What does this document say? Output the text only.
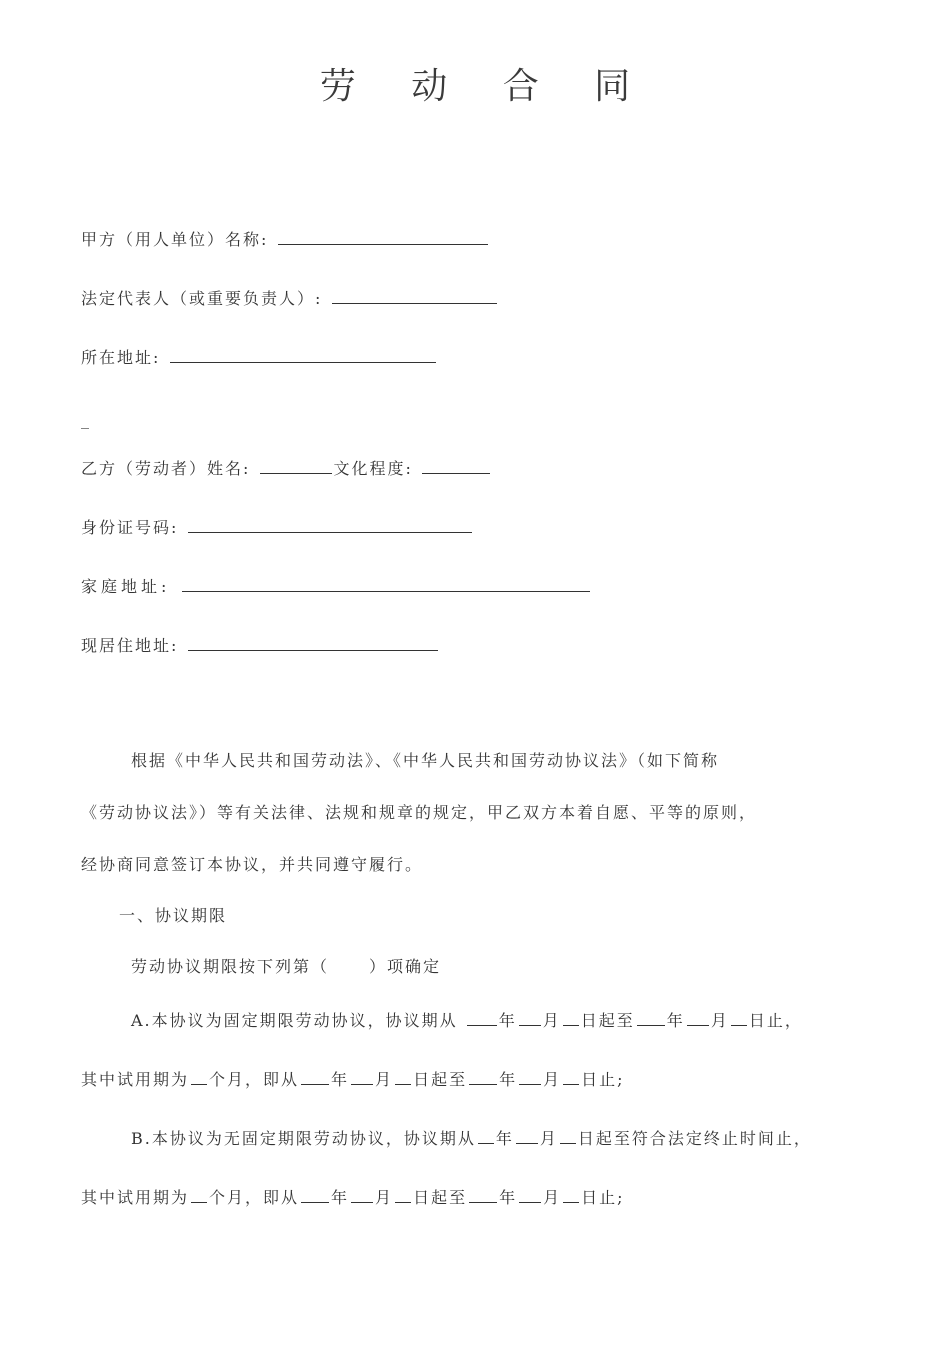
劳 动 合 同
甲方（用人单位）名称:
法定代表人（或重要负责人）:
所在地址:
_
乙方（劳动者）姓名:	文化程度:
身份证号码:
家庭地址:
现居住地址:
根据《中华人民共和国劳动法》、《中华人民共和国劳动协议法》（如下简称
《劳动协议法》）等有关法律、法规和规章的规定，甲乙双方本着自愿、平等的原则，
经协商同意签订本协议，并共同遵守履行。
一、协议期限
劳动协议期限按下列第（	）项确定
A.本协议为固定期限劳动协议，协议期从	年 月 日起至 年 月 日止，
其中试用期为 个月，即从 年 月 日起至 年 月 日止;
B.本协议为无固定期限劳动协议，协议期从 年 月 日起至符合法定终止时间止，
其中试用期为 个月，即从 年 月 日起至 年 月 日止;
